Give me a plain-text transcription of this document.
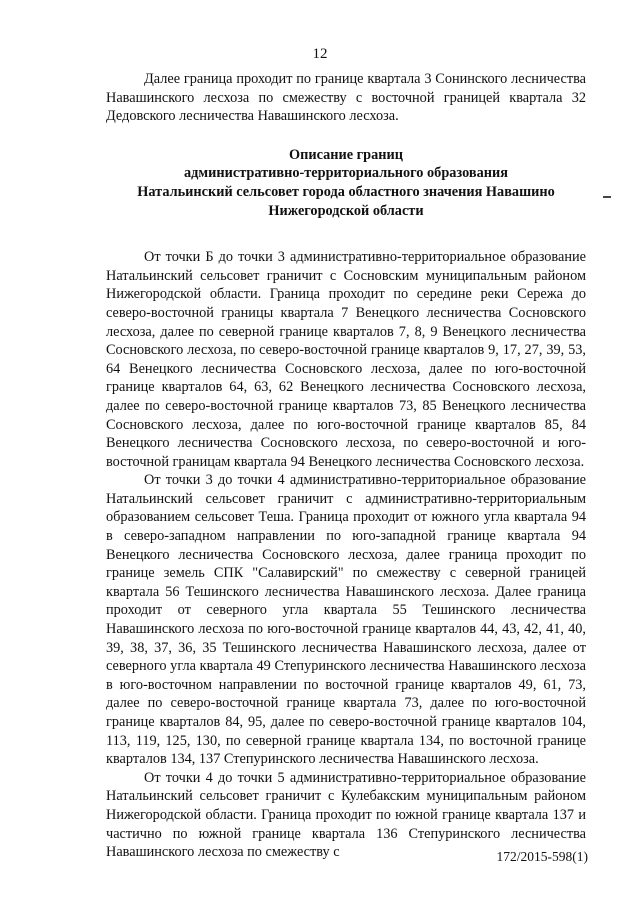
12

Далее граница проходит по границе квартала 3 Сонинского лесничества Навашинского лесхоза по смежеству с восточной границей квартала 32 Дедовского лесничества Навашинского лесхоза.

Описание границ
административно-территориального образования
Натальинский сельсовет города областного значения Навашино
Нижегородской области

От точки Б до точки 3 административно-территориальное образование Натальинский сельсовет граничит с Сосновским муниципальным районом Нижегородской области. Граница проходит по середине реки Сережа до северо-восточной границы квартала 7 Венецкого лесничества Сосновского лесхоза, далее по северной границе кварталов 7, 8, 9 Венецкого лесничества Сосновского лесхоза, по северо-восточной границе кварталов 9, 17, 27, 39, 53, 64 Венецкого лесничества Сосновского лесхоза, далее по юго-восточной границе кварталов 64, 63, 62 Венецкого лесничества Сосновского лесхоза, далее по северо-восточной границе кварталов 73, 85 Венецкого лесничества Сосновского лесхоза, далее по юго-восточной границе кварталов 85, 84 Венецкого лесничества Сосновского лесхоза, по северо-восточной и юго-восточной границам квартала 94 Венецкого лесничества Сосновского лесхоза.

От точки 3 до точки 4 административно-территориальное образование Натальинский сельсовет граничит с административно-территориальным образованием сельсовет Теша. Граница проходит от южного угла квартала 94 в северо-западном направлении по юго-западной границе квартала 94 Венецкого лесничества Сосновского лесхоза, далее граница проходит по границе земель СПК "Салавирский" по смежеству с северной границей квартала 56 Тешинского лесничества Навашинского лесхоза. Далее граница проходит от северного угла квартала 55 Тешинского лесничества Навашинского лесхоза по юго-восточной границе кварталов 44, 43, 42, 41, 40, 39, 38, 37, 36, 35 Тешинского лесничества Навашинского лесхоза, далее от северного угла квартала 49 Степуринского лесничества Навашинского лесхоза в юго-восточном направлении по восточной границе кварталов 49, 61, 73, далее по северо-восточной границе квартала 73, далее по юго-восточной границе кварталов 84, 95, далее по северо-восточной границе кварталов 104, 113, 119, 125, 130, по северной границе квартала 134, по восточной границе кварталов 134, 137 Степуринского лесничества Навашинского лесхоза.

От точки 4 до точки 5 административно-территориальное образование Натальинский сельсовет граничит с Кулебакским муниципальным районом Нижегородской области. Граница проходит по южной границе квартала 137 и частично по южной границе квартала 136 Степуринского лесничества Навашинского лесхоза по смежеству с	172/2015-598(1)
